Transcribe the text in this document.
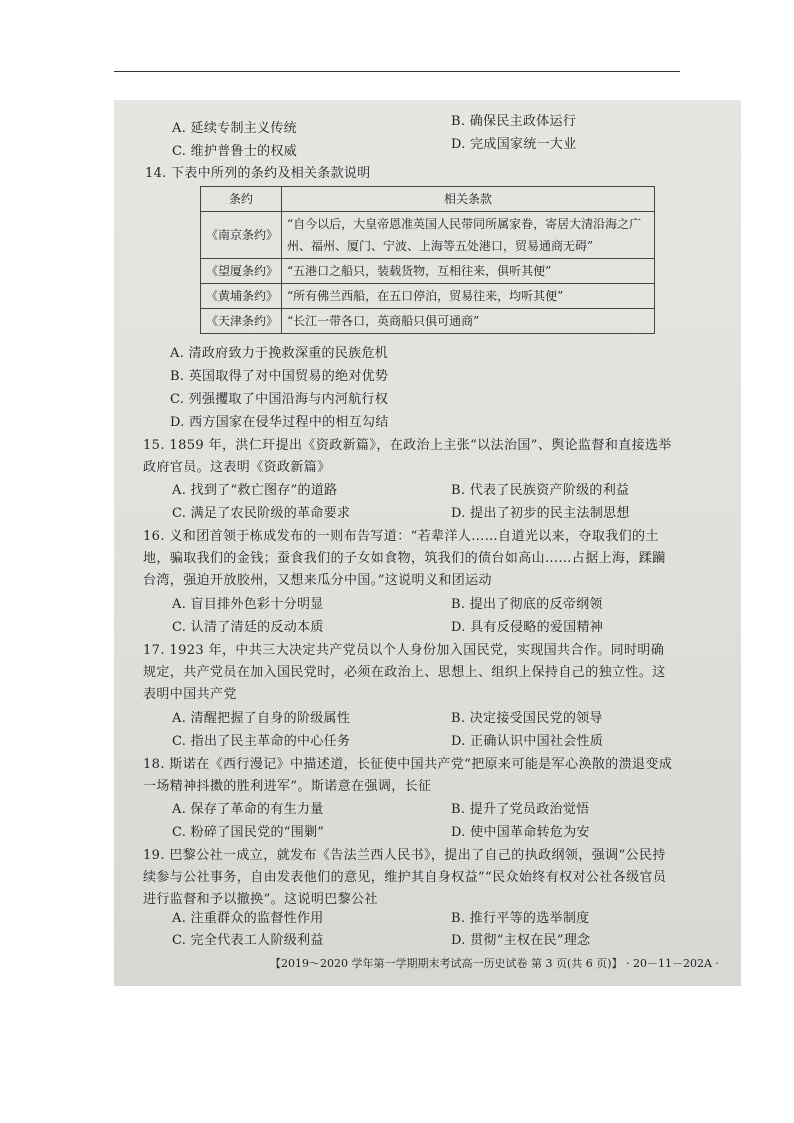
A. 延续专制主义传统	B. 确保民主政体运行
C. 维护普鲁士的权威	D. 完成国家统一大业
14. 下表中所列的条约及相关条款说明
条约	相关条款
《南京条约》	“自今以后，大皇帝恩准英国人民带同所属家眷，寄居大清沿海之广州、福州、厦门、宁波、上海等五处港口，贸易通商无碍”
《望厦条约》	“五港口之船只，装载货物，互相往来，俱听其便”
《黄埔条约》	“所有佛兰西船，在五口停泊，贸易往来，均听其便”
《天津条约》	“长江一带各口，英商船只俱可通商”
A. 清政府致力于挽救深重的民族危机
B. 英国取得了对中国贸易的绝对优势
C. 列强攫取了中国沿海与内河航行权
D. 西方国家在侵华过程中的相互勾结
15. 1859 年，洪仁玕提出《资政新篇》，在政治上主张“以法治国”、舆论监督和直接选举政府官员。这表明《资政新篇》
A. 找到了“救亡图存”的道路	B. 代表了民族资产阶级的利益
C. 满足了农民阶级的革命要求	D. 提出了初步的民主法制思想
16. 义和团首领于栋成发布的一则布告写道：“若辈洋人……自道光以来，夺取我们的土地，骗取我们的金钱；蚕食我们的子女如食物，筑我们的债台如高山……占据上海，蹂躏台湾，强迫开放胶州，又想来瓜分中国。”这说明义和团运动
A. 盲目排外色彩十分明显	B. 提出了彻底的反帝纲领
C. 认清了清廷的反动本质	D. 具有反侵略的爱国精神
17. 1923 年，中共三大决定共产党员以个人身份加入国民党，实现国共合作。同时明确规定，共产党员在加入国民党时，必须在政治上、思想上、组织上保持自己的独立性。这表明中国共产党
A. 清醒把握了自身的阶级属性	B. 决定接受国民党的领导
C. 指出了民主革命的中心任务	D. 正确认识中国社会性质
18. 斯诺在《西行漫记》中描述道，长征使中国共产党“把原来可能是军心涣散的溃退变成一场精神抖擞的胜利进军”。斯诺意在强调，长征
A. 保存了革命的有生力量	B. 提升了党员政治觉悟
C. 粉碎了国民党的“围剿”	D. 使中国革命转危为安
19. 巴黎公社一成立，就发布《告法兰西人民书》，提出了自己的执政纲领，强调“公民持续参与公社事务，自由发表他们的意见，维护其自身权益”“民众始终有权对公社各级官员进行监督和予以撤换”。这说明巴黎公社
A. 注重群众的监督性作用	B. 推行平等的选举制度
C. 完全代表工人阶级利益	D. 贯彻“主权在民”理念
【2019～2020 学年第一学期期末考试高一历史试卷 第 3 页(共 6 页)】 · 20－11－202A ·
